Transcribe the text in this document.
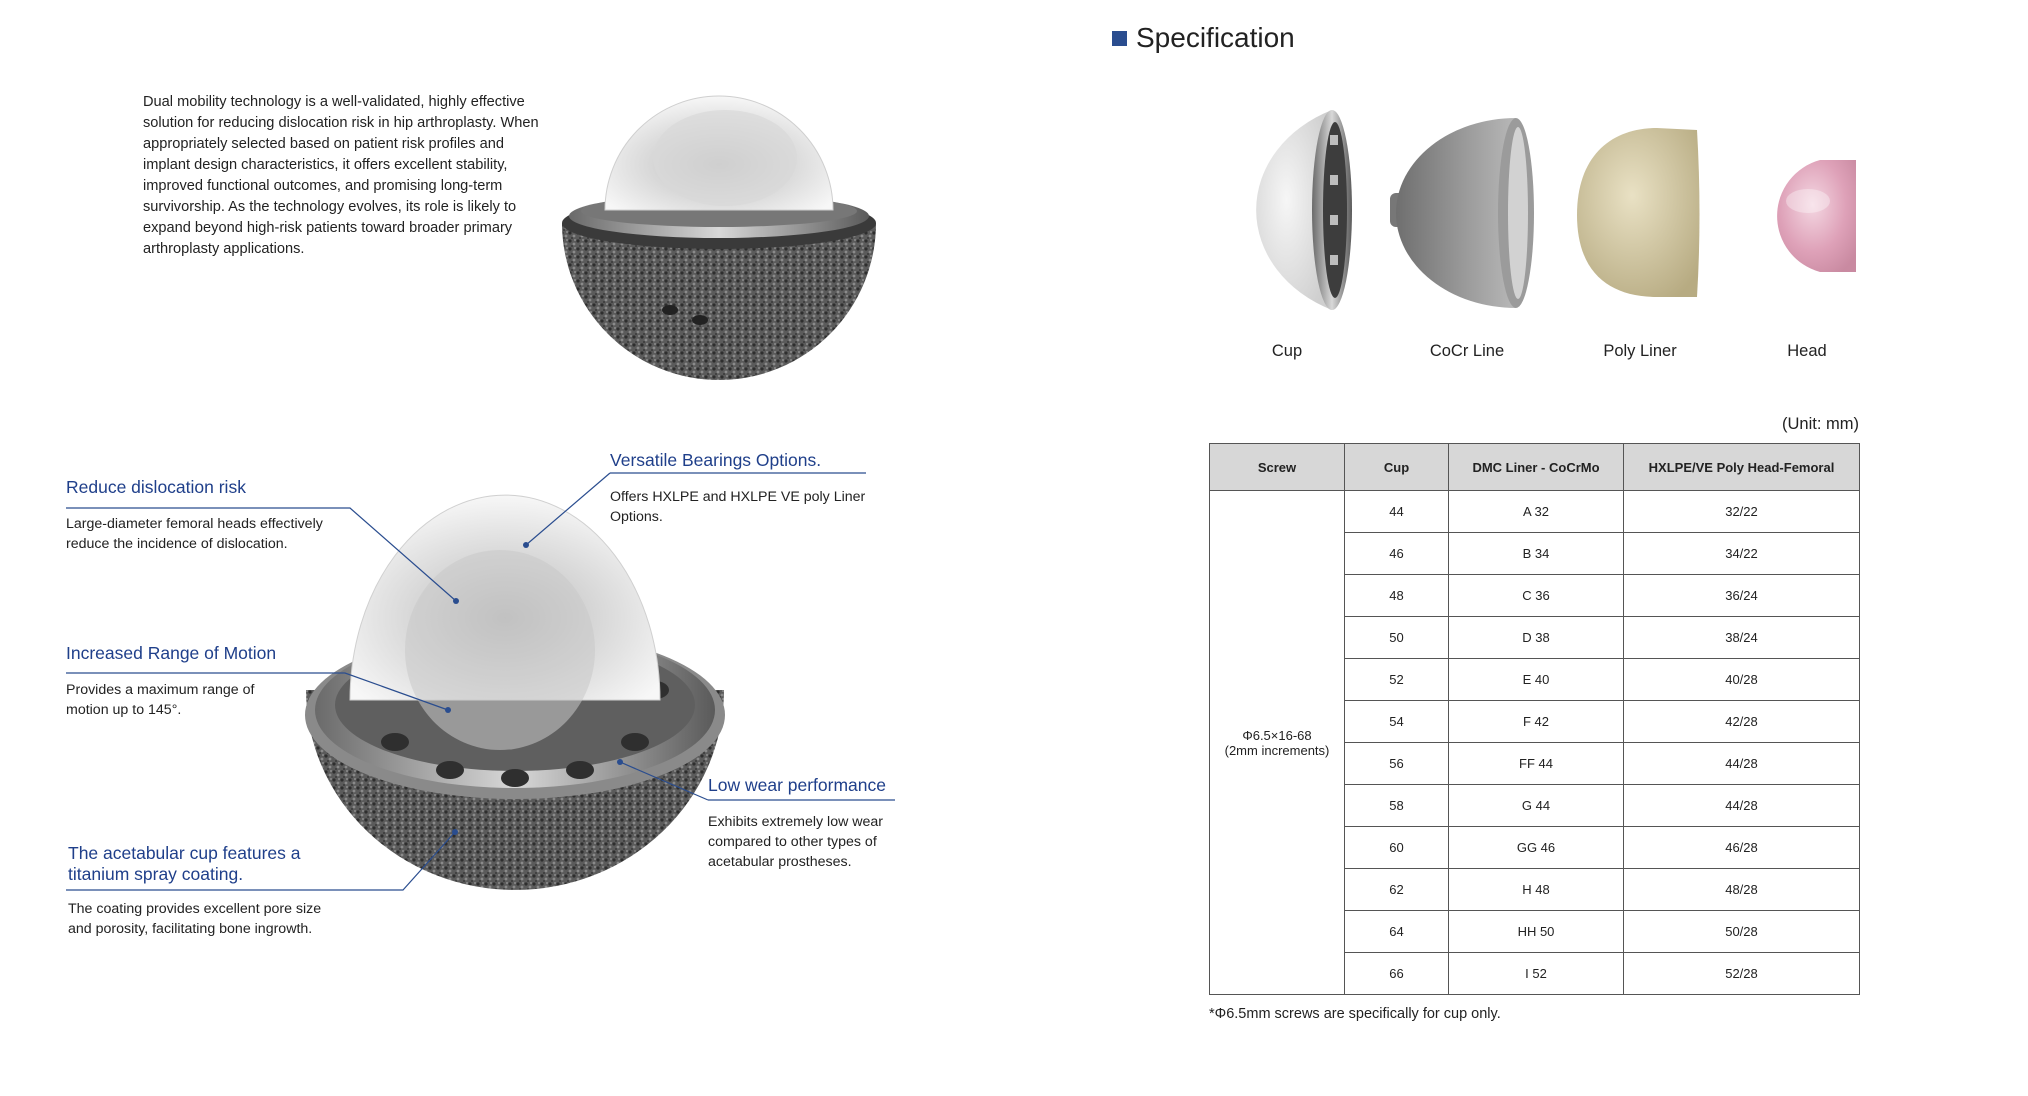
Dual mobility technology is a well-validated, highly effective solution for reducing dislocation risk in hip arthroplasty. When appropriately selected based on patient risk profiles and implant design characteristics, it offers excellent stability, improved functional outcomes, and promising long-term survivorship. As the technology evolves, its role is likely to expand beyond high-risk patients toward broader primary arthroplasty applications.
Reduce dislocation risk
Large-diameter femoral heads effectively reduce the incidence of dislocation.
Versatile Bearings Options.
Offers HXLPE and HXLPE VE poly Liner Options.
Increased Range of Motion
Provides a maximum range of motion up to 145°.
Low wear performance
Exhibits extremely low wear compared to other types of acetabular prostheses.
The acetabular cup features a titanium spray coating.
The coating provides excellent pore size and porosity, facilitating bone ingrowth.
Specification
Cup	CoCr Line	Poly Liner	Head
(Unit: mm)
Screw	Cup	DMC Liner - CoCrMo	HXLPE/VE Poly Head-Femoral

Φ6.5×16-68
(2mm increments)	44	A 32	32/22
	46	B 34	34/22
	48	C 36	36/24
	50	D 38	38/24
	52	E 40	40/28
	54	F 42	42/28
	56	FF 44	44/28
	58	G 44	44/28
	60	GG 46	46/28
	62	H 48	48/28
	64	HH 50	50/28
	66	I 52	52/28
*Φ6.5mm screws are specifically for cup only.
